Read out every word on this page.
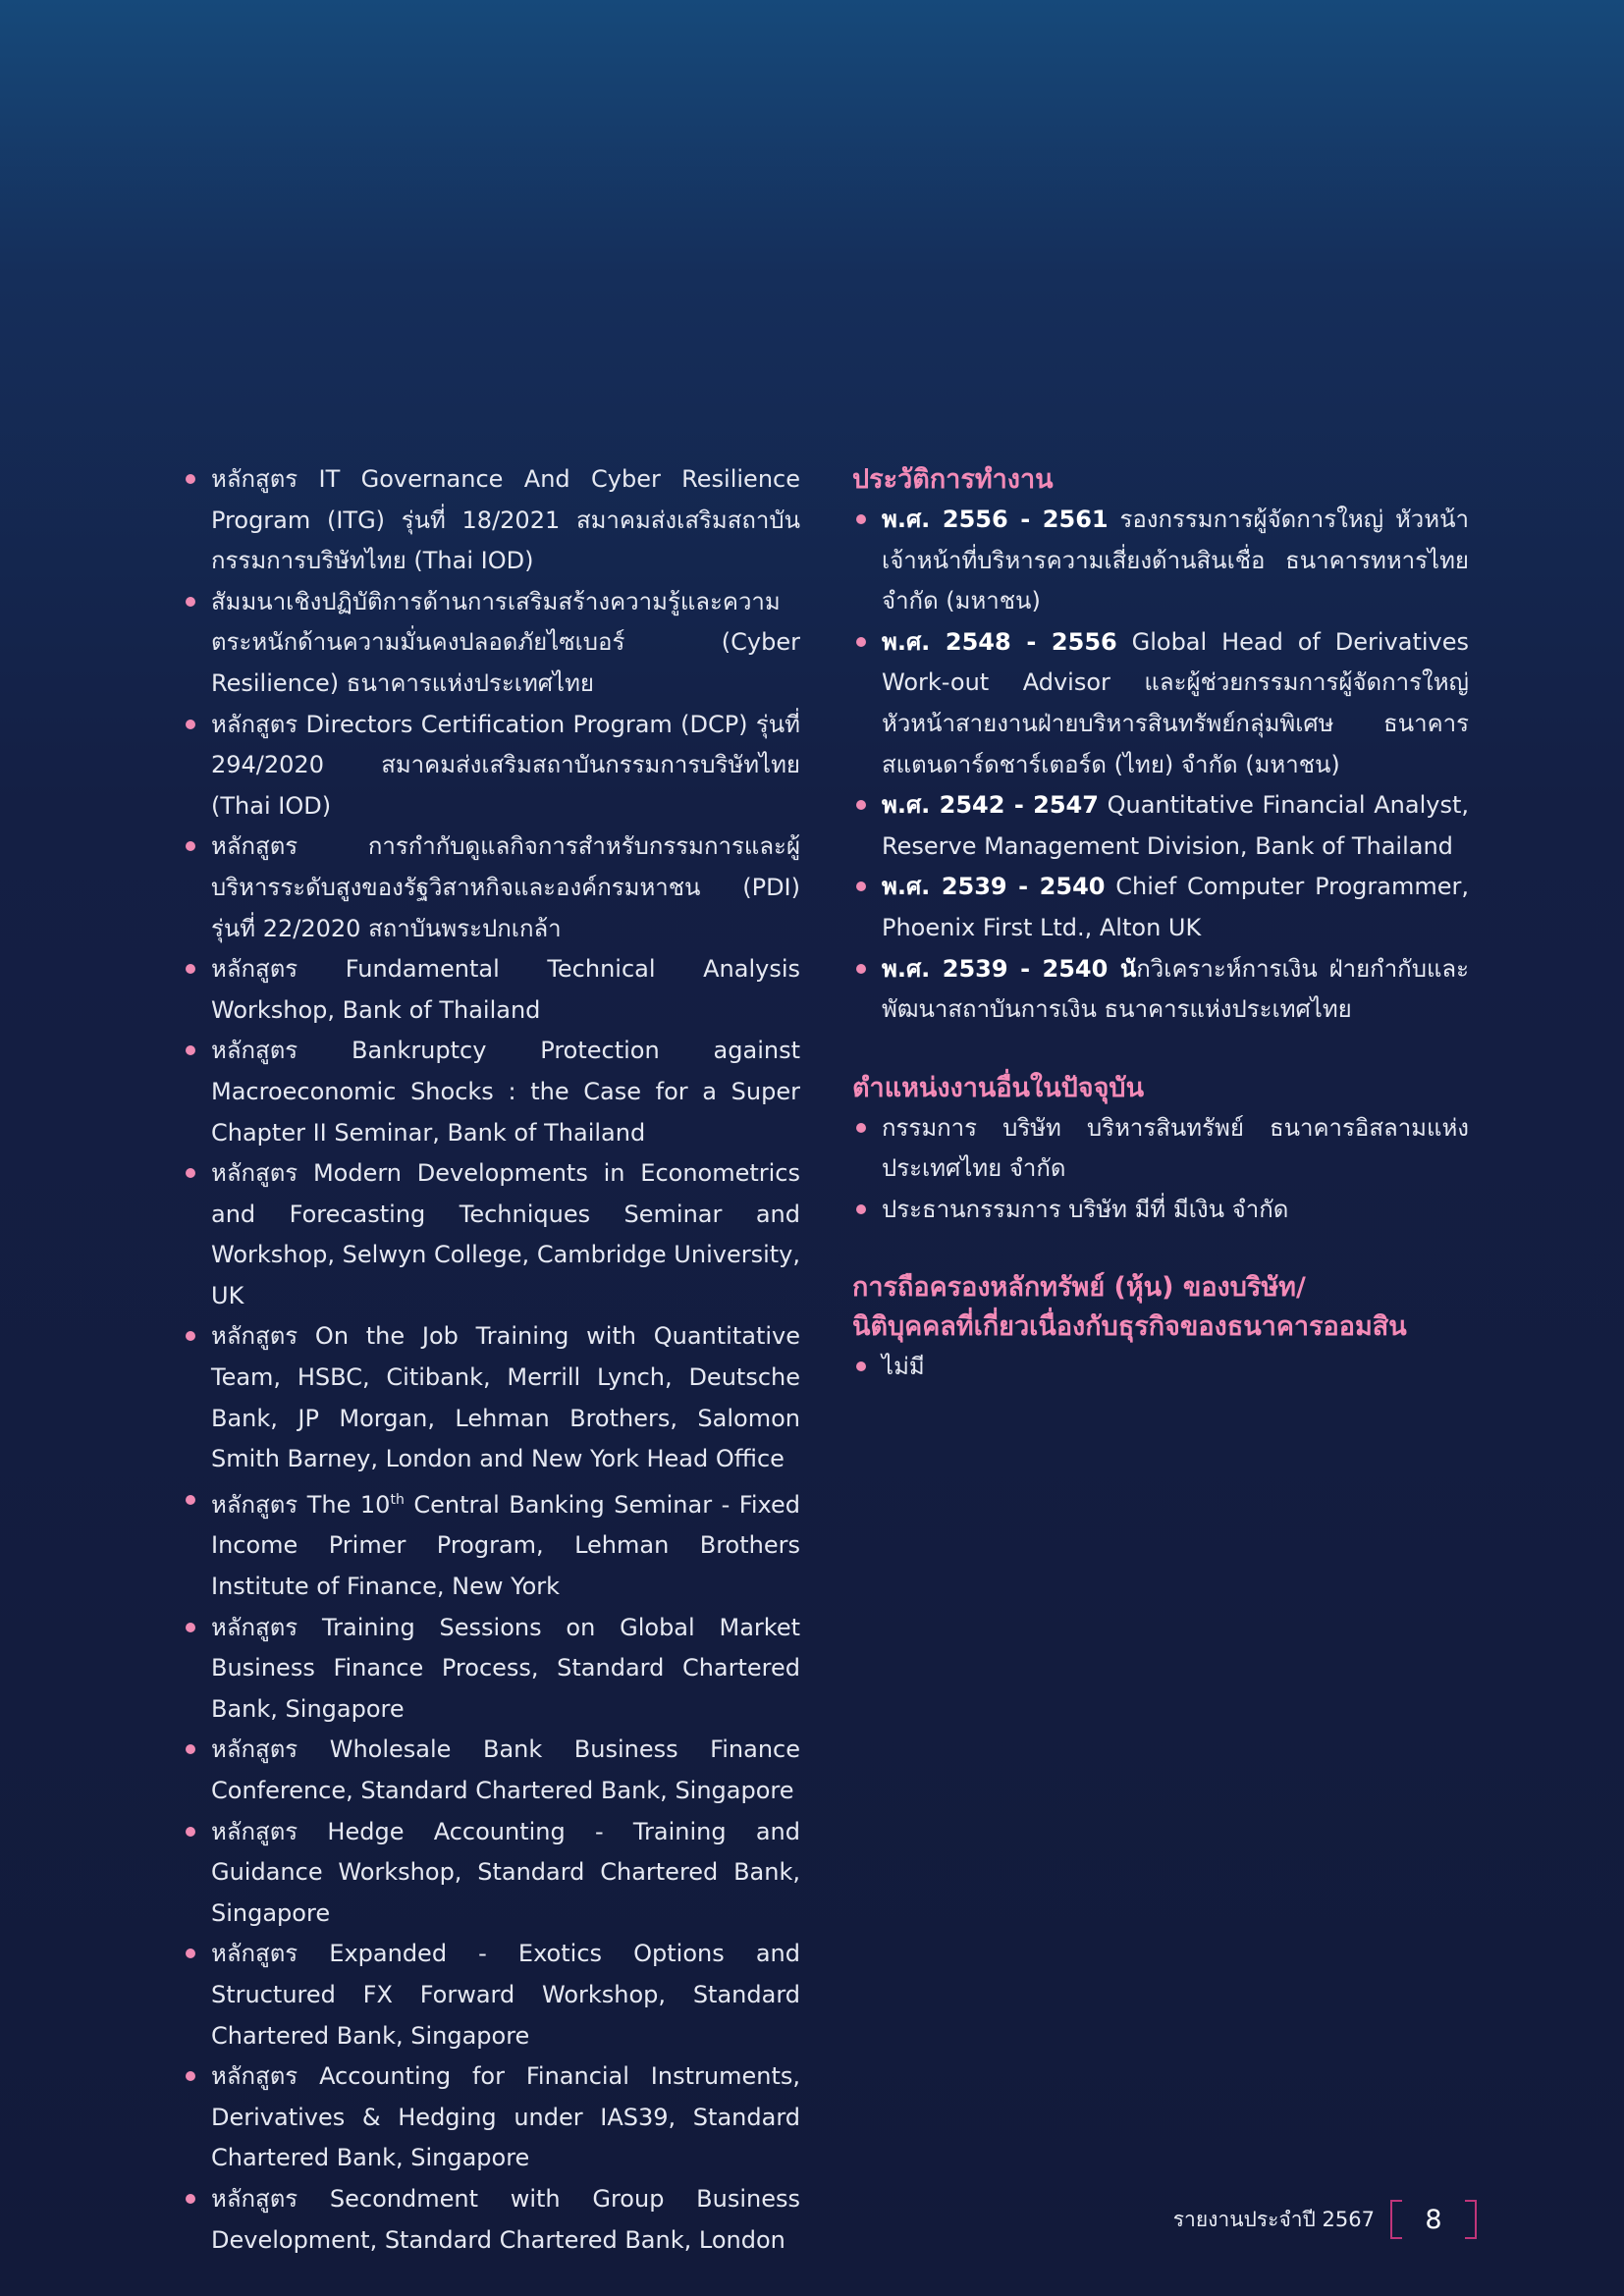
หลักสูตร IT Governance And Cyber Resilience Program (ITG) รุ่นที่ 18/2021 สมาคมส่งเสริมสถาบันกรรมการบริษัทไทย (Thai IOD)
สัมมนาเชิงปฏิบัติการด้านการเสริมสร้างความรู้และความตระหนักด้านความมั่นคงปลอดภัยไซเบอร์ (Cyber Resilience) ธนาคารแห่งประเทศไทย
หลักสูตร Directors Certification Program (DCP) รุ่นที่ 294/2020 สมาคมส่งเสริมสถาบันกรรมการบริษัทไทย (Thai IOD)
หลักสูตร การกำกับดูแลกิจการสำหรับกรรมการและผู้บริหารระดับสูงของรัฐวิสาหกิจและองค์กรมหาชน (PDI) รุ่นที่ 22/2020 สถาบันพระปกเกล้า
หลักสูตร Fundamental Technical Analysis Workshop, Bank of Thailand
หลักสูตร Bankruptcy Protection against Macroeconomic Shocks : the Case for a Super Chapter II Seminar, Bank of Thailand
หลักสูตร Modern Developments in Econometrics and Forecasting Techniques Seminar and Workshop, Selwyn College, Cambridge University, UK
หลักสูตร On the Job Training with Quantitative Team, HSBC, Citibank, Merrill Lynch, Deutsche Bank, JP Morgan, Lehman Brothers, Salomon Smith Barney, London and New York Head Office
หลักสูตร The 10th Central Banking Seminar - Fixed Income Primer Program, Lehman Brothers Institute of Finance, New York
หลักสูตร Training Sessions on Global Market Business Finance Process, Standard Chartered Bank, Singapore
หลักสูตร Wholesale Bank Business Finance Conference, Standard Chartered Bank, Singapore
หลักสูตร Hedge Accounting - Training and Guidance Workshop, Standard Chartered Bank, Singapore
หลักสูตร Expanded - Exotics Options and Structured FX Forward Workshop, Standard Chartered Bank, Singapore
หลักสูตร Accounting for Financial Instruments, Derivatives & Hedging under IAS39, Standard Chartered Bank, Singapore
หลักสูตร Secondment with Group Business Development, Standard Chartered Bank, London
ประวัติการทำงาน
พ.ศ. 2556 - 2561 รองกรรมการผู้จัดการใหญ่ หัวหน้าเจ้าหน้าที่บริหารความเสี่ยงด้านสินเชื่อ ธนาคารทหารไทย จำกัด (มหาชน)
พ.ศ. 2548 - 2556 Global Head of Derivatives Work-out Advisor และผู้ช่วยกรรมการผู้จัดการใหญ่ หัวหน้าสายงานฝ่ายบริหารสินทรัพย์กลุ่มพิเศษ ธนาคารสแตนดาร์ดชาร์เตอร์ด (ไทย) จำกัด (มหาชน)
พ.ศ. 2542 - 2547 Quantitative Financial Analyst, Reserve Management Division, Bank of Thailand
พ.ศ. 2539 - 2540 Chief Computer Programmer, Phoenix First Ltd., Alton UK
พ.ศ. 2539 - 2540 นักวิเคราะห์การเงิน ฝ่ายกำกับและพัฒนาสถาบันการเงิน ธนาคารแห่งประเทศไทย
ตำแหน่งงานอื่นในปัจจุบัน
กรรมการ บริษัท บริหารสินทรัพย์ ธนาคารอิสลามแห่งประเทศไทย จำกัด
ประธานกรรมการ บริษัท มีที่ มีเงิน จำกัด
การถือครองหลักทรัพย์ (หุ้น) ของบริษัท/
นิติบุคคลที่เกี่ยวเนื่องกับธุรกิจของธนาคารออมสิน
ไม่มี
รายงานประจำปี 2567 8
